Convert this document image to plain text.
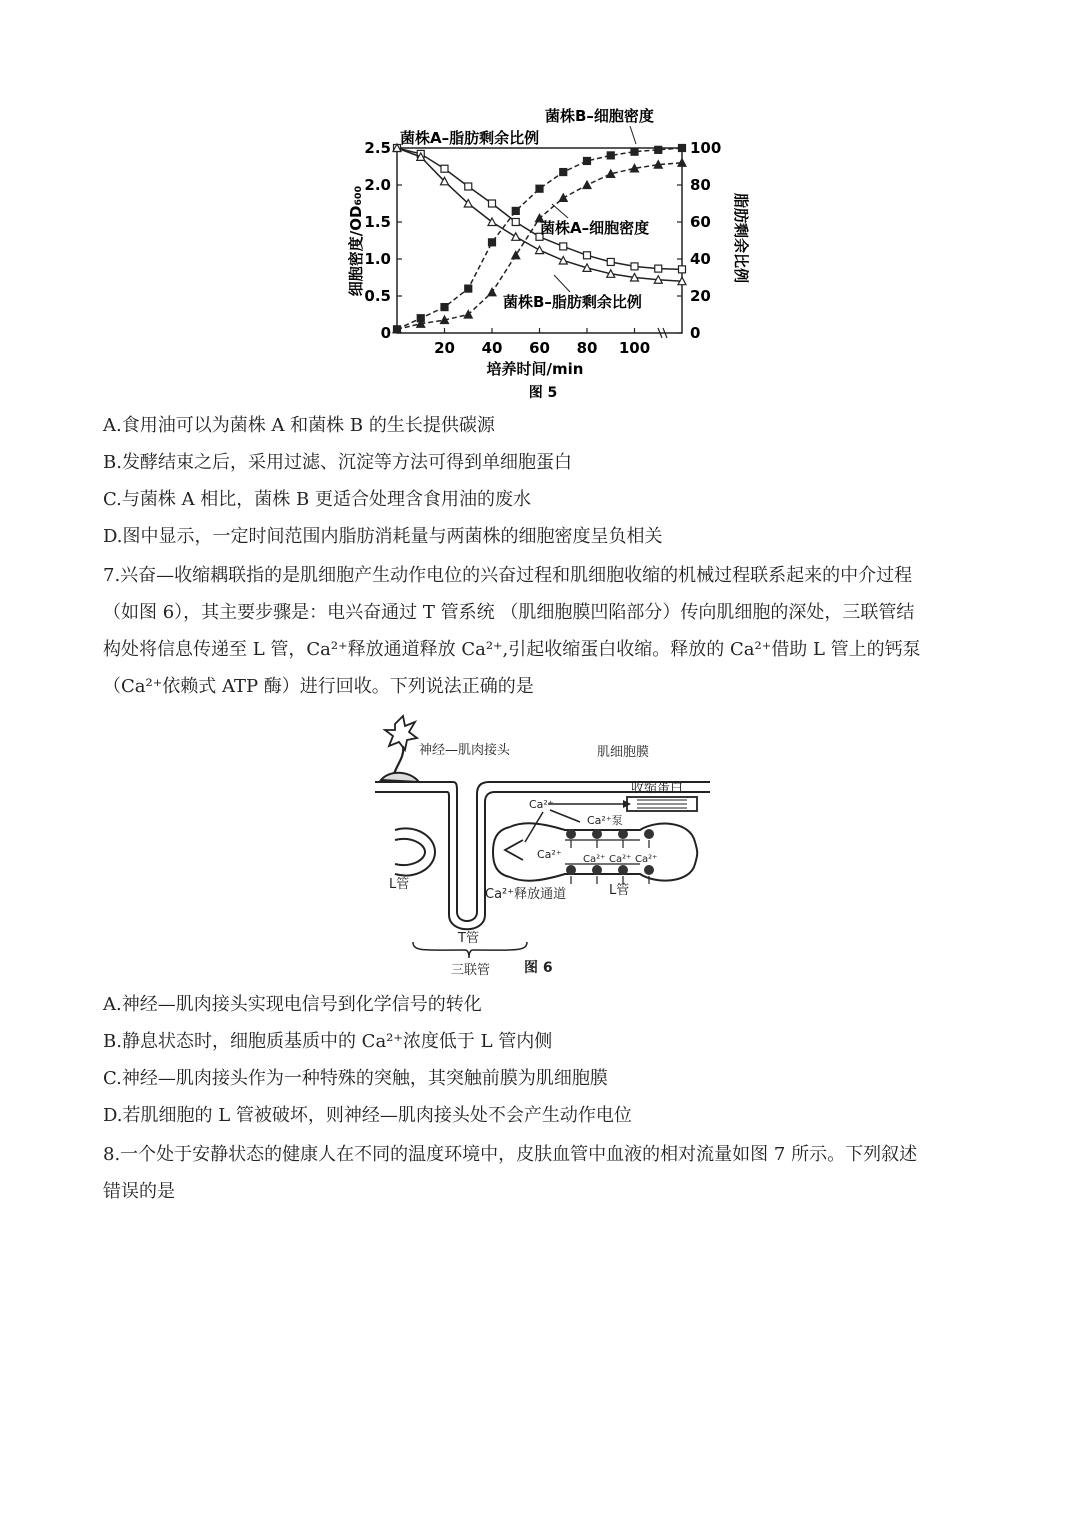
20 40 60 80 100
0
0.5
1.0
1.5
2.0
2.5
0
20
40
60
80
100
培养时间/min
图 5
细胞密度/OD₆₀₀	脂肪剩余比例
菌株A–脂肪剩余比例
菌株B–细胞密度
菌株A–细胞密度
菌株B–脂肪剩余比例
A.食用油可以为菌株 A 和菌株 B 的生长提供碳源
B.发酵结束之后，采用过滤、沉淀等方法可得到单细胞蛋白
C.与菌株 A 相比，菌株 B 更适合处理含食用油的废水
D.图中显示，一定时间范围内脂肪消耗量与两菌株的细胞密度呈负相关
7.兴奋—收缩耦联指的是肌细胞产生动作电位的兴奋过程和肌细胞收缩的机械过程联系起来的中介过程
（如图 6），其主要步骤是：电兴奋通过 T 管系统 （肌细胞膜凹陷部分）传向肌细胞的深处，三联管结
构处将信息传递至 L 管，Ca²⁺释放通道释放 Ca²⁺,引起收缩蛋白收缩。释放的 Ca²⁺借助 L 管上的钙泵
（Ca²⁺依赖式 ATP 酶）进行回收。下列说法正确的是
神经—肌肉接头	肌细胞膜
收缩蛋白
Ca²⁺
Ca²⁺泵
Ca²⁺ Ca²⁺ Ca²⁺ Ca²⁺
Ca²⁺释放通道
L管	L管
T管
三联管 图 6
A.神经—肌肉接头实现电信号到化学信号的转化
B.静息状态时，细胞质基质中的 Ca²⁺浓度低于 L 管内侧
C.神经—肌肉接头作为一种特殊的突触，其突触前膜为肌细胞膜
D.若肌细胞的 L 管被破坏，则神经—肌肉接头处不会产生动作电位
8.一个处于安静状态的健康人在不同的温度环境中，皮肤血管中血液的相对流量如图 7 所示。下列叙述
错误的是
